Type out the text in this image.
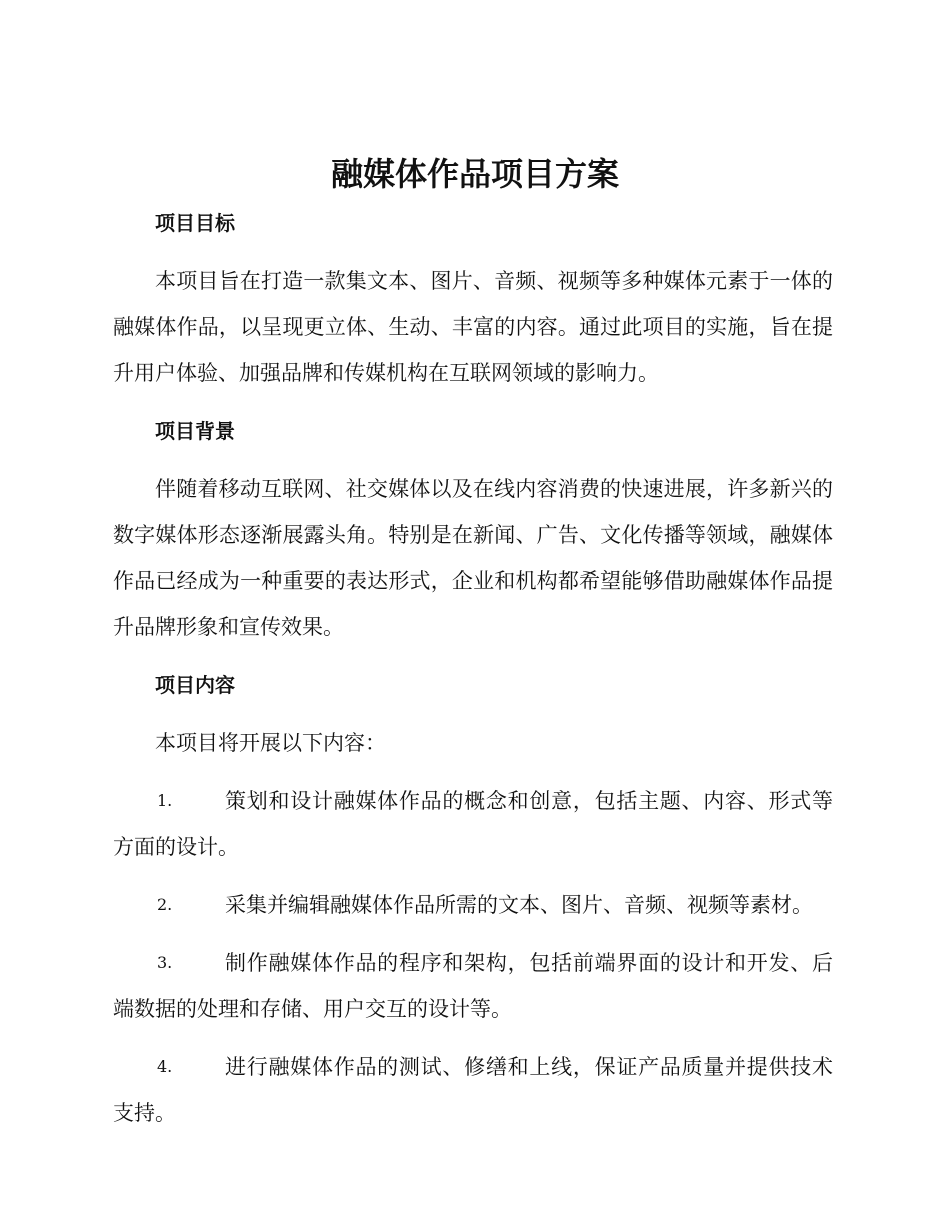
融媒体作品项目方案
项目目标
本项目旨在打造一款集文本、图片、音频、视频等多种媒体元素于一体的融媒体作品，以呈现更立体、生动、丰富的内容。通过此项目的实施，旨在提升用户体验、加强品牌和传媒机构在互联网领域的影响力。
项目背景
伴随着移动互联网、社交媒体以及在线内容消费的快速进展，许多新兴的数字媒体形态逐渐展露头角。特别是在新闻、广告、文化传播等领域，融媒体作品已经成为一种重要的表达形式，企业和机构都希望能够借助融媒体作品提升品牌形象和宣传效果。
项目内容
本项目将开展以下内容：
1.	策划和设计融媒体作品的概念和创意，包括主题、内容、形式等方面的设计。
2.	采集并编辑融媒体作品所需的文本、图片、音频、视频等素材。
3.	制作融媒体作品的程序和架构，包括前端界面的设计和开发、后端数据的处理和存储、用户交互的设计等。
4.	进行融媒体作品的测试、修缮和上线，保证产品质量并提供技术支持。
